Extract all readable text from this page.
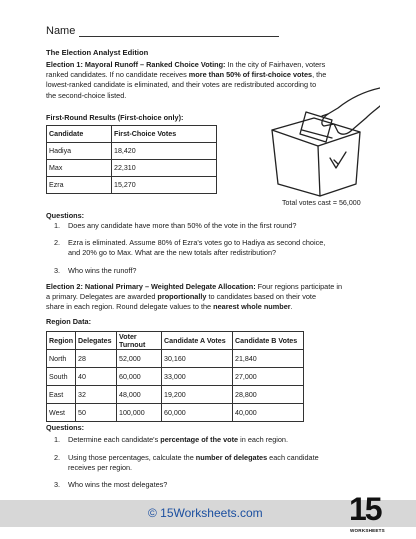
Name
The Election Analyst Edition
Election 1: Mayoral Runoff – Ranked Choice Voting: In the city of Fairhaven, voters
ranked candidates. If no candidate receives more than 50% of first-choice votes, the
lowest-ranked candidate is eliminated, and their votes are redistributed according to
the second-choice listed.
First-Round Results (First-choice only):
Candidate	First-Choice Votes
Hadiya	18,420
Max	22,310
Ezra	15,270
Total votes cast = 56,000
Questions:
1. Does any candidate have more than 50% of the vote in the first round?
2. Ezra is eliminated. Assume 80% of Ezra's votes go to Hadiya as second choice,
and 20% go to Max. What are the new totals after redistribution?
3. Who wins the runoff?
Election 2: National Primary – Weighted Delegate Allocation: Four regions participate in
a primary. Delegates are awarded proportionally to candidates based on their vote
share in each region. Round delegate values to the nearest whole number.
Region Data:
Region	Delegates	Voter Turnout	Candidate A Votes	Candidate B Votes
North	28	52,000	30,160	21,840
South	40	60,000	33,000	27,000
East	32	48,000	19,200	28,800
West	50	100,000	60,000	40,000
Questions:
1. Determine each candidate's percentage of the vote in each region.
2. Using those percentages, calculate the number of delegates each candidate
receives per region.
3. Who wins the most delegates?
© 15Worksheets.com	15
WORKSHEETS
